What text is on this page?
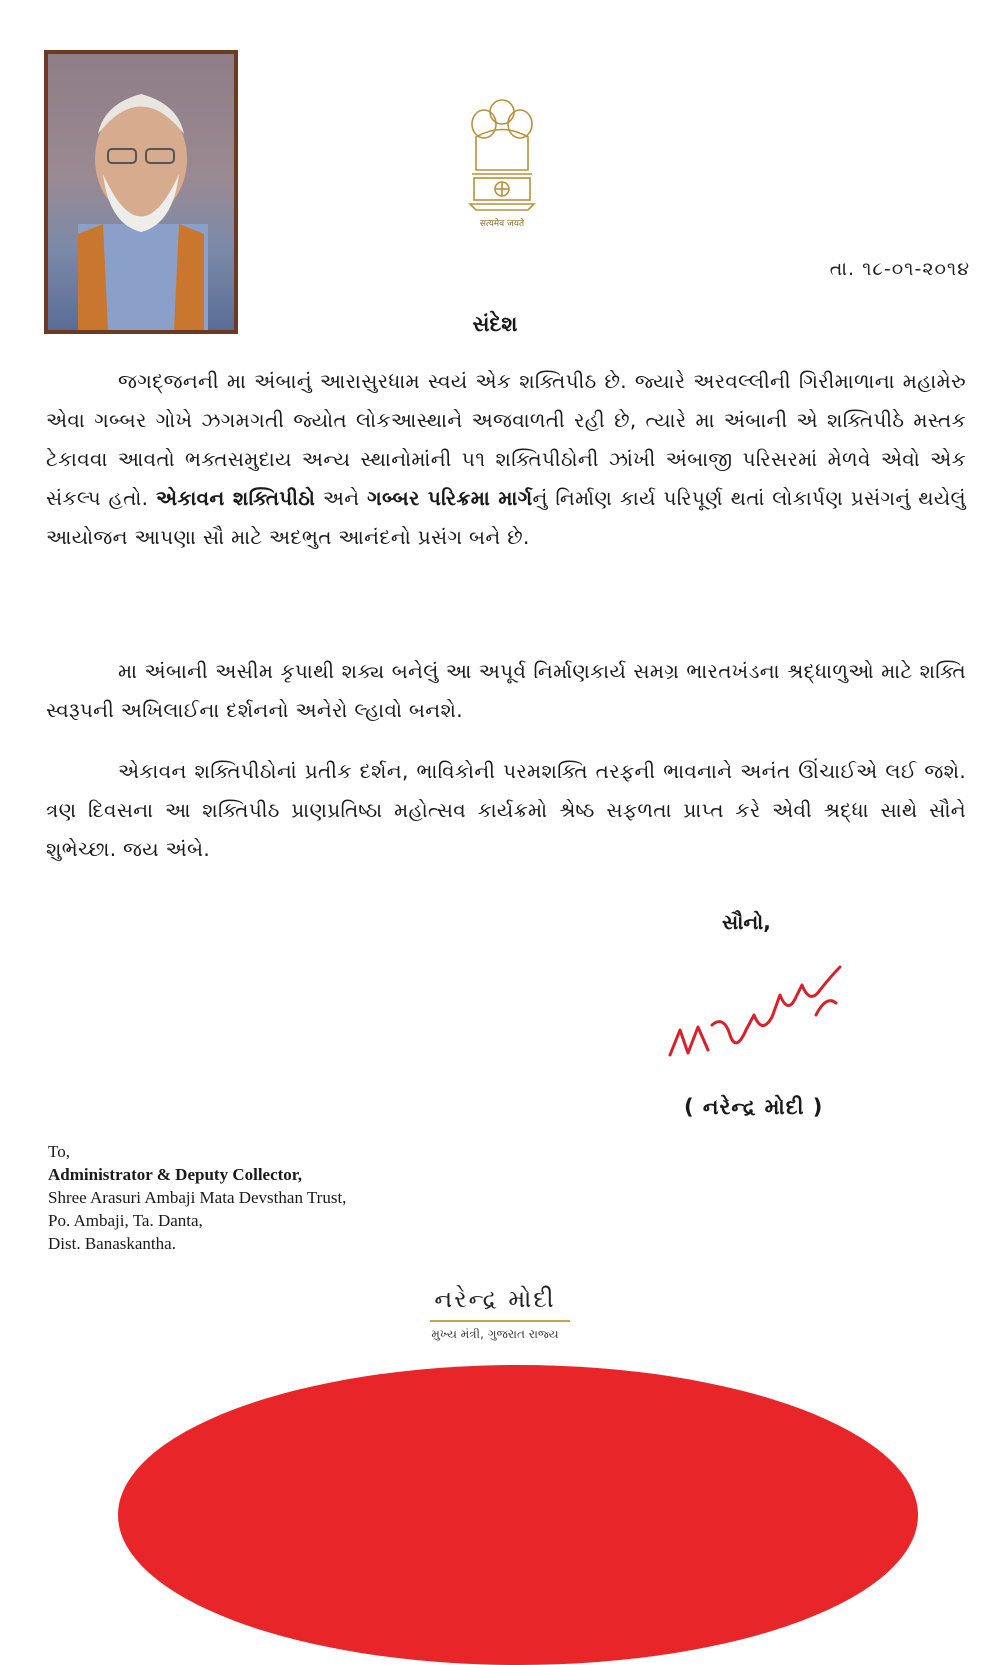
सत्यमेव जयते
તા. ૧૮-૦૧-૨૦૧૪
સંદેશ
જગદ્જનની મા અંબાનું આરાસુરધામ સ્વયં એક શક્તિપીઠ છે. જ્યારે અરવલ્લીની ગિરીમાળાના મહામેરુ એવા ગબ્બર ગોખે ઝગમગતી જ્યોત લોકઆસ્થાને અજવાળતી રહી છે, ત્યારે મા અંબાની એ શક્તિપીઠે મસ્તક ટેકાવવા આવતો ભક્તસમુદાય અન્ય સ્થાનોમાંની ૫૧ શક્તિપીઠોની ઝાંખી અંબાજી પરિસરમાં મેળવે એવો એક સંકલ્પ હતો. એકાવન શક્તિપીઠો અને ગબ્બર પરિક્રમા માર્ગનું નિર્માણ કાર્ય પરિપૂર્ણ થતાં લોકાર્પણ પ્રસંગનું થયેલું આયોજન આપણા સૌ માટે અદભુત આનંદનો પ્રસંગ બને છે.
મા અંબાની અસીમ કૃપાથી શક્ય બનેલું આ અપૂર્વ નિર્માણકાર્ય સમગ્ર ભારતખંડના શ્રદ્ધાળુઓ માટે શક્તિ સ્વરૂપની અખિલાઈના દર્શનનો અનેરો લ્હાવો બનશે.
એકાવન શક્તિપીઠોનાં પ્રતીક દર્શન, ભાવિકોની પરમશક્તિ તરફની ભાવનાને અનંત ઊંચાઈએ લઈ જશે. ત્રણ દિવસના આ શક્તિપીઠ પ્રાણપ્રતિષ્ઠા મહોત્સવ કાર્યક્રમો શ્રેષ્ઠ સફળતા પ્રાપ્ત કરે એવી શ્રદ્ધા સાથે સૌને શુભેચ્છા. જય અંબે.
સૌનો,
( નરેન્દ્ર મોદી )
To,
Administrator & Deputy Collector,
Shree Arasuri Ambaji Mata Devsthan Trust,
Po. Ambaji, Ta. Danta,
Dist. Banaskantha.
નરેન્દ્ર મોદી
મુખ્ય મંત્રી, ગુજરાત રાજ્ય
